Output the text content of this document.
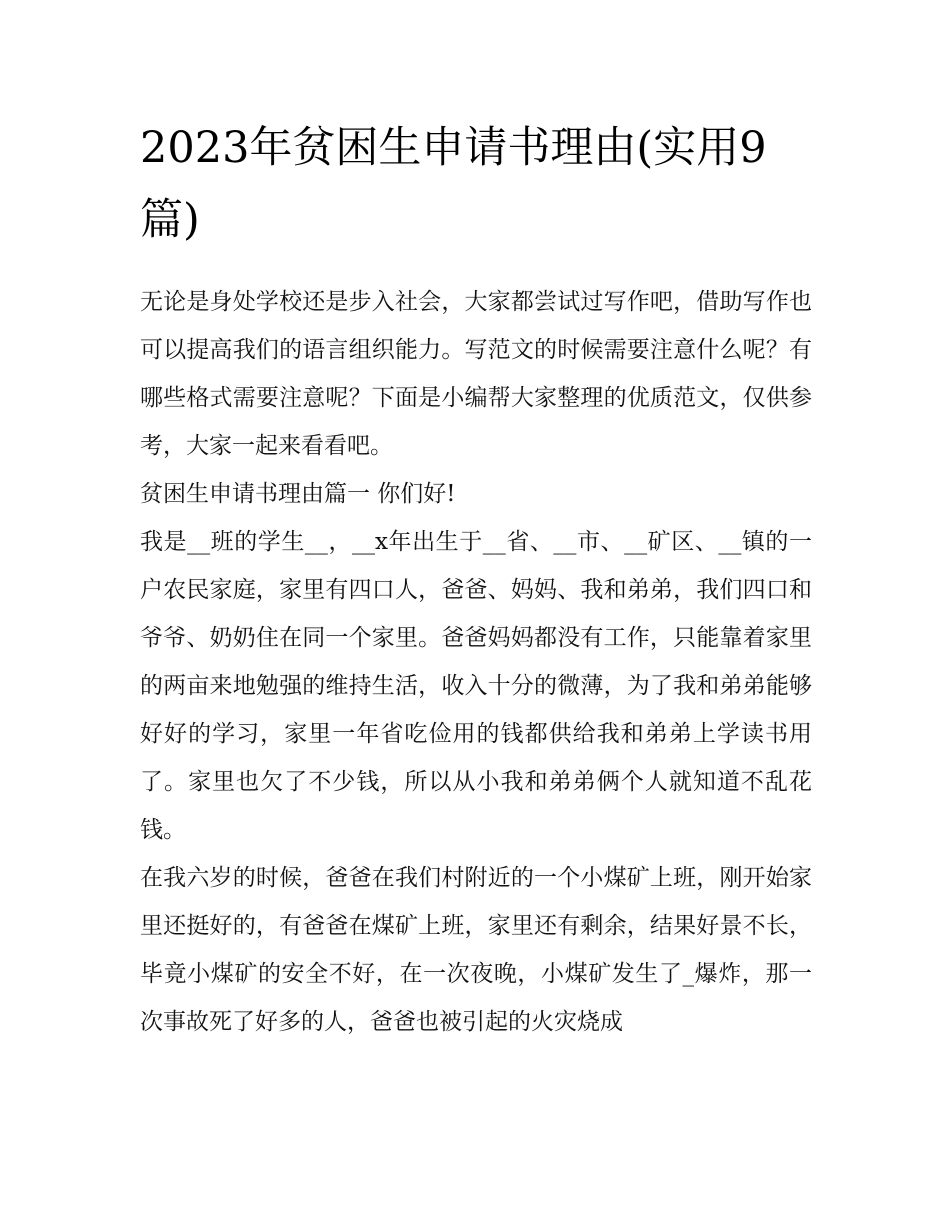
2023年贫困生申请书理由(实用9篇)

无论是身处学校还是步入社会，大家都尝试过写作吧，借助写作也可以提高我们的语言组织能力。写范文的时候需要注意什么呢？有哪些格式需要注意呢？下面是小编帮大家整理的优质范文，仅供参考，大家一起来看看吧。

贫困生申请书理由篇一 你们好!

我是__班的学生__，__x年出生于__省、__市、__矿区、__镇的一户农民家庭，家里有四口人，爸爸、妈妈、我和弟弟，我们四口和爷爷、奶奶住在同一个家里。爸爸妈妈都没有工作，只能靠着家里的两亩来地勉强的维持生活，收入十分的微薄，为了我和弟弟能够好好的学习，家里一年省吃俭用的钱都供给我和弟弟上学读书用了。家里也欠了不少钱，所以从小我和弟弟俩个人就知道不乱花钱。

在我六岁的时候，爸爸在我们村附近的一个小煤矿上班，刚开始家里还挺好的，有爸爸在煤矿上班，家里还有剩余，结果好景不长，毕竟小煤矿的安全不好，在一次夜晚，小煤矿发生了_爆炸，那一次事故死了好多的人，爸爸也被引起的火灾烧成
